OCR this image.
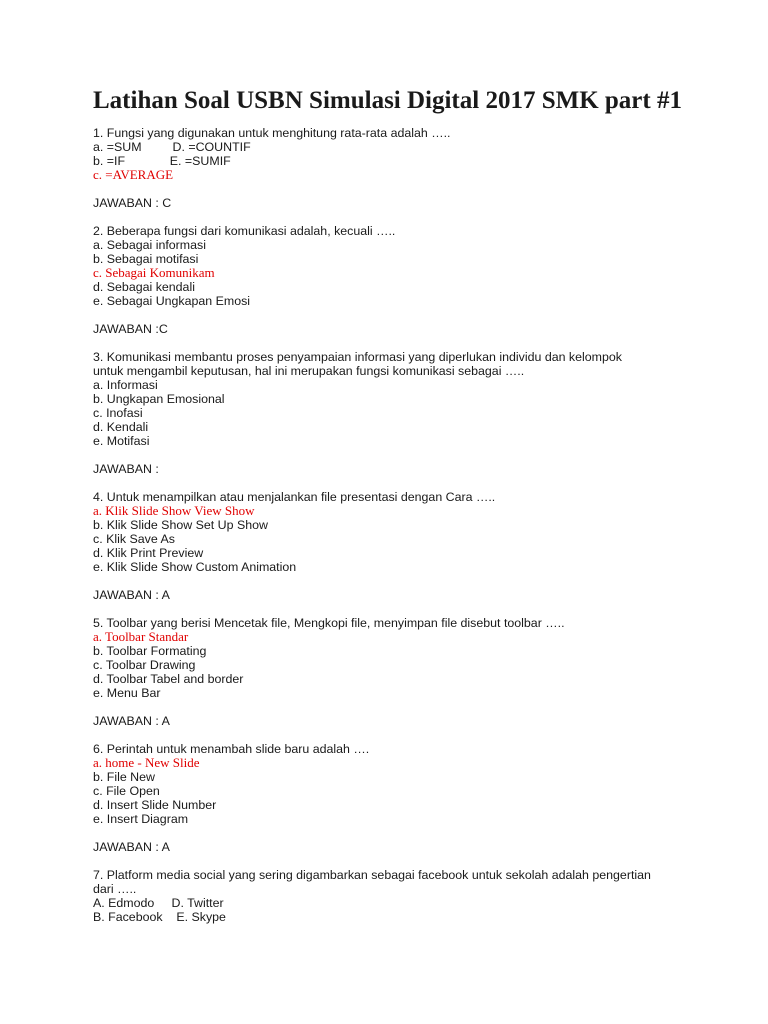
Latihan Soal USBN Simulasi Digital 2017 SMK part #1
1. Fungsi yang digunakan untuk menghitung rata-rata adalah …..
a. =SUM         D. =COUNTIF
b. =IF             E. =SUMIF
c. =AVERAGE
JAWABAN : C
2. Beberapa fungsi dari komunikasi adalah, kecuali …..
a. Sebagai informasi
b. Sebagai motifasi
c. Sebagai Komunikam
d. Sebagai kendali
e. Sebagai Ungkapan Emosi
JAWABAN :C
3. Komunikasi membantu proses penyampaian informasi yang diperlukan individu dan kelompok
untuk mengambil keputusan, hal ini merupakan fungsi komunikasi sebagai …..
a. Informasi
b. Ungkapan Emosional
c. Inofasi
d. Kendali
e. Motifasi
JAWABAN :
4. Untuk menampilkan atau menjalankan file presentasi dengan Cara …..
a. Klik Slide Show View Show
b. Klik Slide Show Set Up Show
c. Klik Save As
d. Klik Print Preview
e. Klik Slide Show Custom Animation
JAWABAN : A
5. Toolbar yang berisi Mencetak file, Mengkopi file, menyimpan file disebut toolbar …..
a. Toolbar Standar
b. Toolbar Formating
c. Toolbar Drawing
d. Toolbar Tabel and border
e. Menu Bar
JAWABAN : A
6. Perintah untuk menambah slide baru adalah ….
a. home - New Slide
b. File New
c. File Open
d. Insert Slide Number
e. Insert Diagram
JAWABAN : A
7. Platform media social yang sering digambarkan sebagai facebook untuk sekolah adalah pengertian
dari …..
A. Edmodo     D. Twitter
B. Facebook    E. Skype
